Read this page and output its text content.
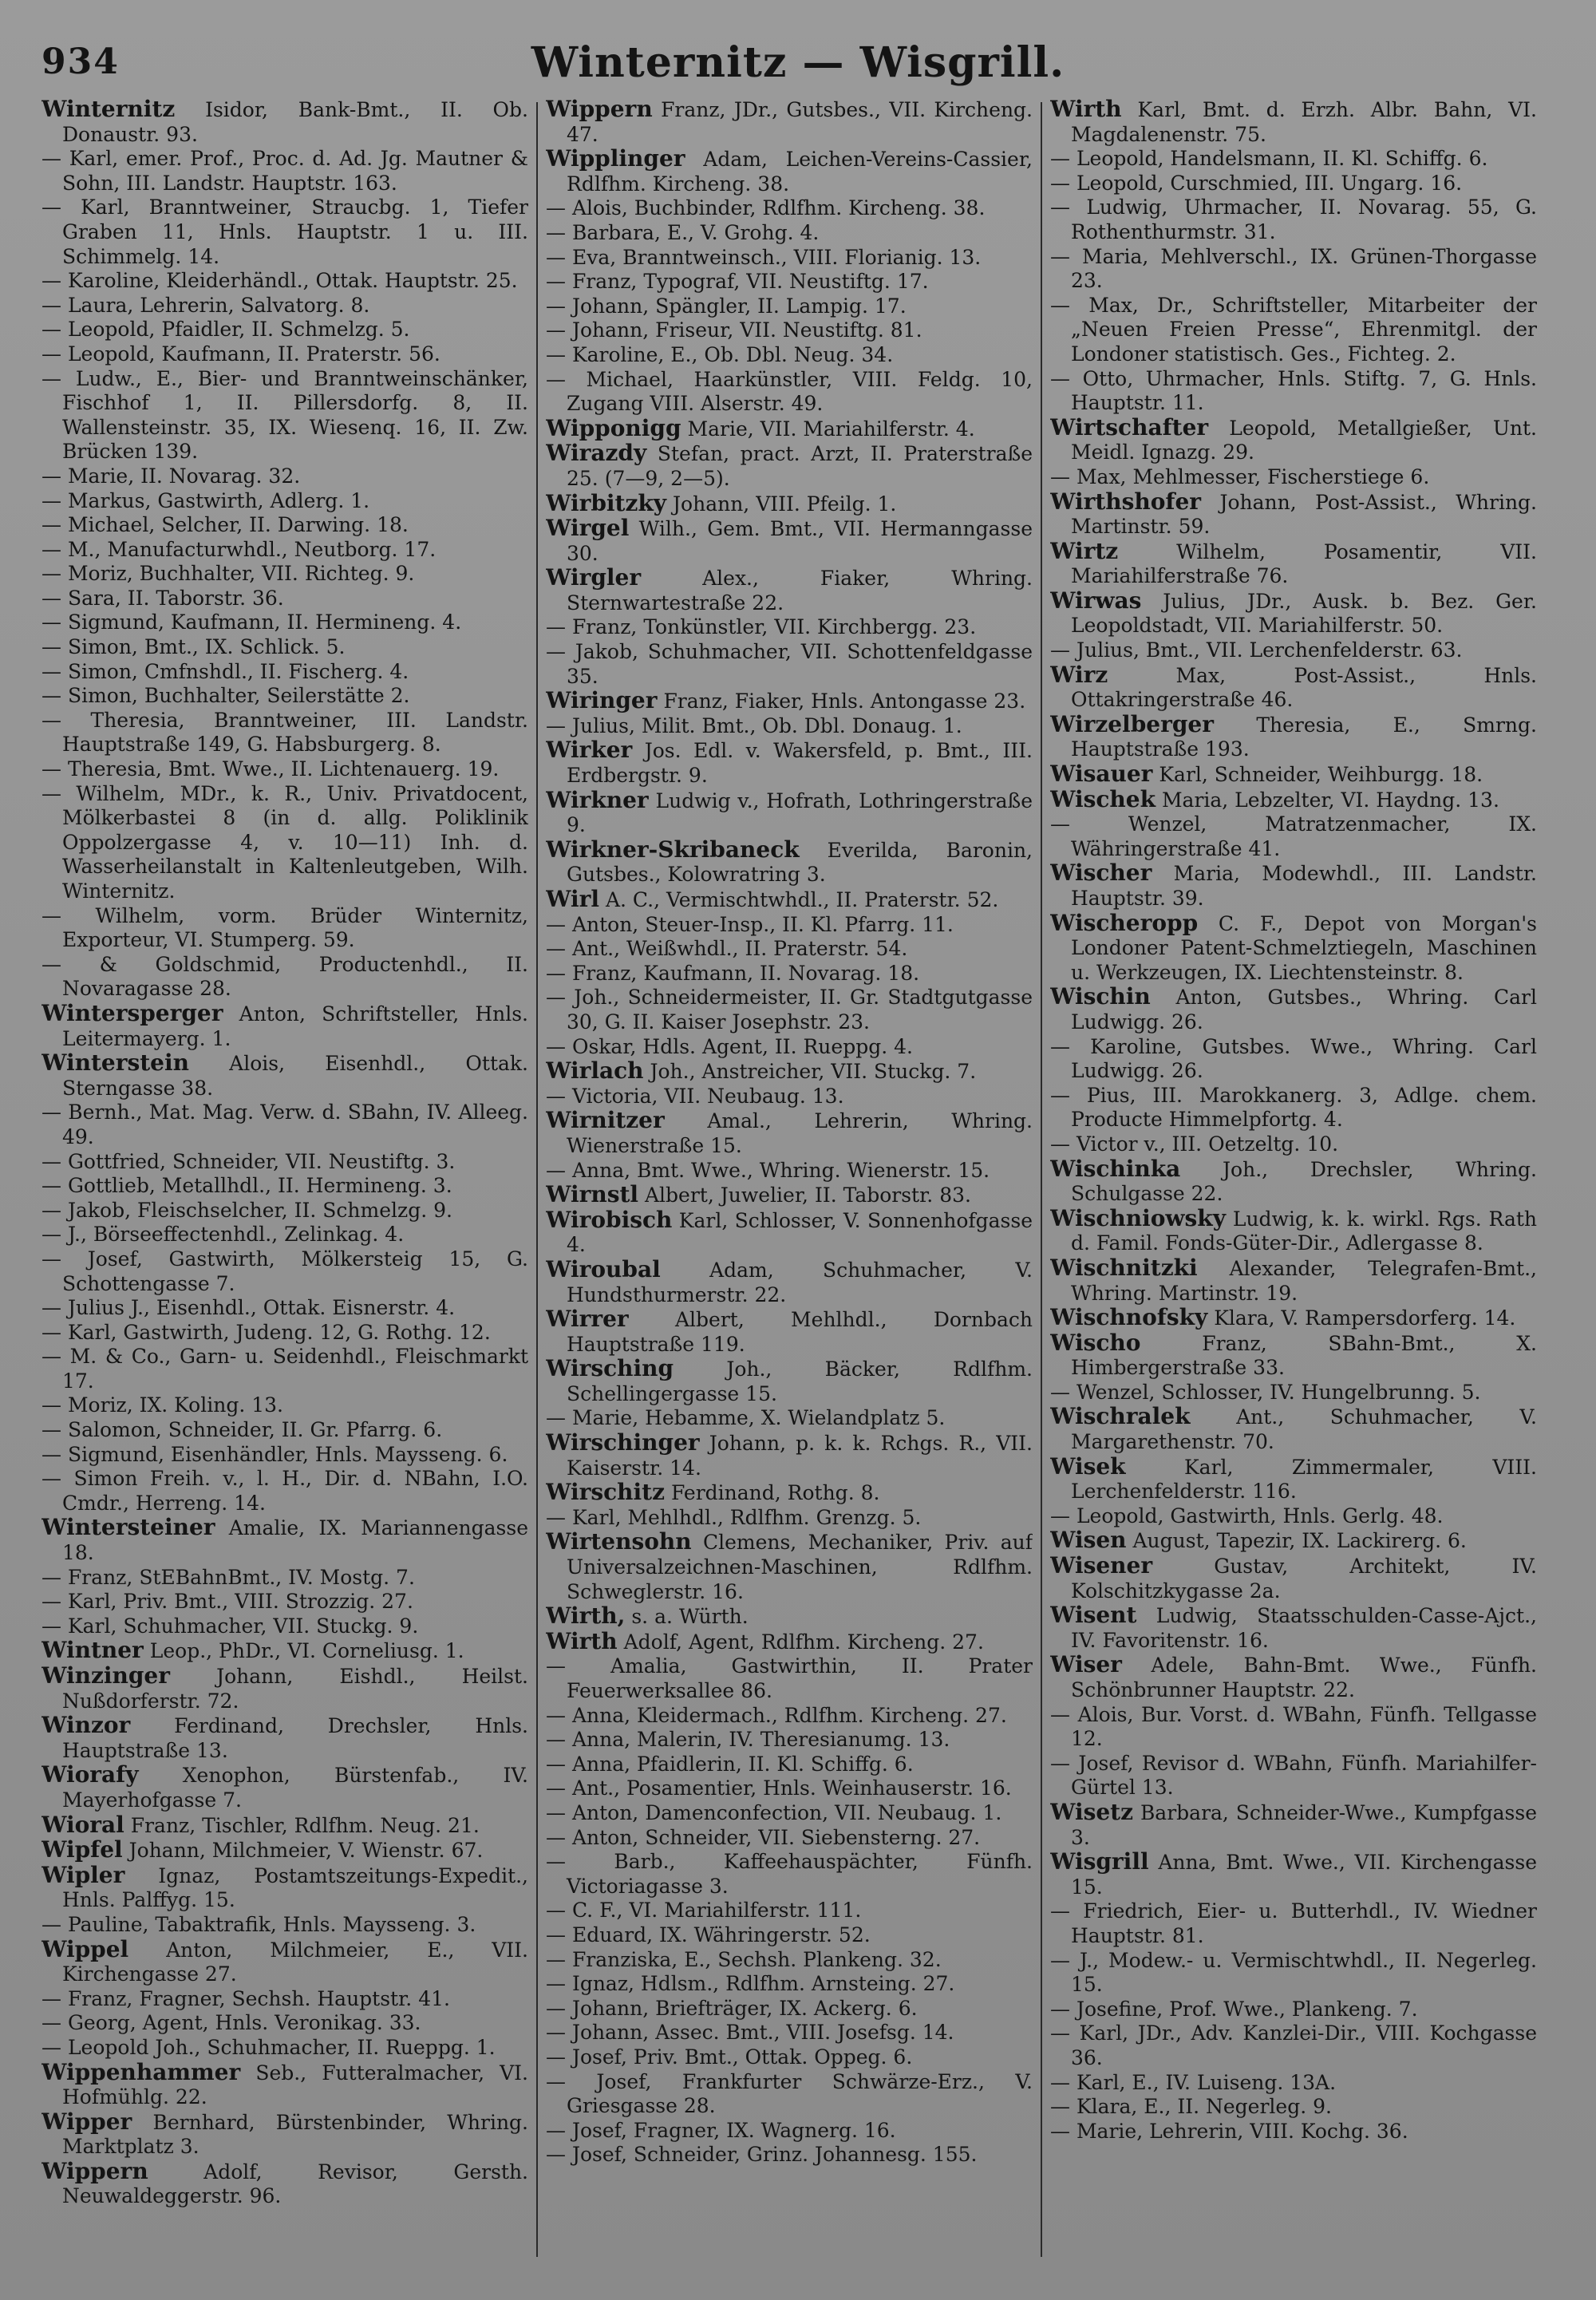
934	Winternitz — Wisgrill.

Winternitz Isidor, Bank-Bmt., II. Ob. Donaustr. 93.

— Karl, emer. Prof., Proc. d. Ad. Jg. Mautner & Sohn, III. Landstr. Hauptstr. 163.

— Karl, Branntweiner, Straucbg. 1, Tiefer Graben 11, Hnls. Hauptstr. 1 u. III. Schimmelg. 14.

— Karoline, Kleiderhändl., Ottak. Hauptstr. 25.

— Laura, Lehrerin, Salvatorg. 8.

— Leopold, Pfaidler, II. Schmelzg. 5.

— Leopold, Kaufmann, II. Praterstr. 56.

— Ludw., E., Bier- und Branntweinschänker, Fischhof 1, II. Pillersdorfg. 8, II. Wallensteinstr. 35, IX. Wiesenq. 16, II. Zw. Brücken 139.

— Marie, II. Novarag. 32.

— Markus, Gastwirth, Adlerg. 1.

— Michael, Selcher, II. Darwing. 18.

— M., Manufacturwhdl., Neutborg. 17.

— Moriz, Buchhalter, VII. Richteg. 9.

— Sara, II. Taborstr. 36.

— Sigmund, Kaufmann, II. Hermineng. 4.

— Simon, Bmt., IX. Schlick. 5.

— Simon, Cmfnshdl., II. Fischerg. 4.

— Simon, Buchhalter, Seilerstätte 2.

— Theresia, Branntweiner, III. Landstr. Hauptstraße 149, G. Habsburgerg. 8.

— Theresia, Bmt. Wwe., II. Lichtenauerg. 19.

— Wilhelm, MDr., k. R., Univ. Privatdocent, Mölkerbastei 8 (in d. allg. Poliklinik Oppolzergasse 4, v. 10—11) Inh. d. Wasserheilanstalt in Kaltenleutgeben, Wilh. Winternitz.

— Wilhelm, vorm. Brüder Winternitz, Exporteur, VI. Stumperg. 59.

— & Goldschmid, Productenhdl., II. Novaragasse 28.

Wintersperger Anton, Schriftsteller, Hnls. Leitermayerg. 1.

Winterstein Alois, Eisenhdl., Ottak. Sterngasse 38.

— Bernh., Mat. Mag. Verw. d. SBahn, IV. Alleeg. 49.

— Gottfried, Schneider, VII. Neustiftg. 3.

— Gottlieb, Metallhdl., II. Hermineng. 3.

— Jakob, Fleischselcher, II. Schmelzg. 9.

— J., Börseeffectenhdl., Zelinkag. 4.

— Josef, Gastwirth, Mölkersteig 15, G. Schottengasse 7.

— Julius J., Eisenhdl., Ottak. Eisnerstr. 4.

— Karl, Gastwirth, Judeng. 12, G. Rothg. 12.

— M. & Co., Garn- u. Seidenhdl., Fleischmarkt 17.

— Moriz, IX. Koling. 13.

— Salomon, Schneider, II. Gr. Pfarrg. 6.

— Sigmund, Eisenhändler, Hnls. Maysseng. 6.

— Simon Freih. v., l. H., Dir. d. NBahn, I.O. Cmdr., Herreng. 14.

Wintersteiner Amalie, IX. Mariannengasse 18.

— Franz, StEBahnBmt., IV. Mostg. 7.

— Karl, Priv. Bmt., VIII. Strozzig. 27.

— Karl, Schuhmacher, VII. Stuckg. 9.

Wintner Leop., PhDr., VI. Corneliusg. 1.

Winzinger Johann, Eishdl., Heilst. Nußdorferstr. 72.

Winzor Ferdinand, Drechsler, Hnls. Hauptstraße 13.

Wiorafy Xenophon, Bürstenfab., IV. Mayerhofgasse 7.

Wioral Franz, Tischler, Rdlfhm. Neug. 21.

Wipfel Johann, Milchmeier, V. Wienstr. 67.

Wipler Ignaz, Postamtszeitungs-Expedit., Hnls. Palffyg. 15.

— Pauline, Tabaktrafik, Hnls. Maysseng. 3.

Wippel Anton, Milchmeier, E., VII. Kirchengasse 27.

— Franz, Fragner, Sechsh. Hauptstr. 41.

— Georg, Agent, Hnls. Veronikag. 33.

— Leopold Joh., Schuhmacher, II. Rueppg. 1.

Wippenhammer Seb., Futteralmacher, VI. Hofmühlg. 22.

Wipper Bernhard, Bürstenbinder, Whring. Marktplatz 3.

Wippern	Adolf, Revisor, Gersth. Neuwaldeggerstr. 96.

Wippern Franz, JDr., Gutsbes., VII. Kircheng. 47.

Wipplinger Adam, Leichen-Vereins-Cassier, Rdlfhm. Kircheng. 38.

— Alois, Buchbinder, Rdlfhm. Kircheng. 38.

— Barbara, E., V. Grohg. 4.

— Eva, Branntweinsch., VIII. Florianig. 13.

— Franz, Typograf, VII. Neustiftg. 17.

— Johann, Spängler, II. Lampig. 17.

— Johann, Friseur, VII. Neustiftg. 81.

— Karoline, E., Ob. Dbl. Neug. 34.

— Michael, Haarkünstler, VIII. Feldg. 10, Zugang VIII. Alserstr. 49.

Wipponigg Marie, VII. Mariahilferstr. 4.

Wirazdy Stefan, pract. Arzt, II. Praterstraße 25. (7—9, 2—5).

Wirbitzky Johann, VIII. Pfeilg. 1.

Wirgel Wilh., Gem. Bmt., VII. Hermanngasse 30.

Wirgler	Alex., Fiaker, Whring. Sternwartestraße 22.

— Franz, Tonkünstler, VII. Kirchbergg. 23.

— Jakob, Schuhmacher, VII. Schottenfeldgasse 35.

Wiringer Franz, Fiaker, Hnls. Antongasse 23.

— Julius, Milit. Bmt., Ob. Dbl. Donaug. 1.

Wirker Jos. Edl. v. Wakersfeld, p. Bmt., III. Erdbergstr. 9.

Wirkner Ludwig v., Hofrath, Lothringerstraße 9.

Wirkner-Skribaneck Everilda, Baronin, Gutsbes., Kolowratring 3.

Wirl A. C., Vermischtwhdl., II. Praterstr. 52.

— Anton, Steuer-Insp., II. Kl. Pfarrg. 11.

— Ant., Weißwhdl., II. Praterstr. 54.

— Franz, Kaufmann, II. Novarag. 18.

— Joh., Schneidermeister, II. Gr. Stadtgutgasse 30, G. II. Kaiser Josephstr. 23.

— Oskar, Hdls. Agent, II. Rueppg. 4.

Wirlach Joh., Anstreicher, VII. Stuckg. 7.

— Victoria, VII. Neubaug. 13.

Wirnitzer Amal., Lehrerin, Whring. Wienerstraße 15.

— Anna, Bmt. Wwe., Whring. Wienerstr. 15.

Wirnstl Albert, Juwelier, II. Taborstr. 83.

Wirobisch Karl, Schlosser, V. Sonnenhofgasse 4.

Wiroubal Adam, Schuhmacher, V. Hundsthurmerstr. 22.

Wirrer Albert, Mehlhdl., Dornbach Hauptstraße 119.

Wirsching	Joh., Bäcker, Rdlfhm. Schellingergasse 15.

— Marie, Hebamme, X. Wielandplatz 5.

Wirschinger Johann, p. k. k. Rchgs. R., VII. Kaiserstr. 14.

Wirschitz Ferdinand, Rothg. 8.

— Karl, Mehlhdl., Rdlfhm. Grenzg. 5.

Wirtensohn Clemens, Mechaniker, Priv. auf Universalzeichnen-Maschinen, Rdlfhm. Schweglerstr. 16.

Wirth, s. a. Würth.

Wirth Adolf, Agent, Rdlfhm. Kircheng. 27.

— Amalia, Gastwirthin, II. Prater Feuerwerksallee 86.

— Anna, Kleidermach., Rdlfhm. Kircheng. 27.

— Anna, Malerin, IV. Theresianumg. 13.

— Anna, Pfaidlerin, II. Kl. Schiffg. 6.

— Ant., Posamentier, Hnls. Weinhauserstr. 16.

— Anton, Damenconfection, VII. Neubaug. 1.

— Anton, Schneider, VII. Siebensterng. 27.

— Barb., Kaffeehauspächter, Fünfh. Victoriagasse 3.

— C. F., VI. Mariahilferstr. 111.

— Eduard, IX. Währingerstr. 52.

— Franziska, E., Sechsh. Plankeng. 32.

— Ignaz, Hdlsm., Rdlfhm. Arnsteing. 27.

— Johann, Briefträger, IX. Ackerg. 6.

— Johann, Assec. Bmt., VIII. Josefsg. 14.

— Josef, Priv. Bmt., Ottak. Oppeg. 6.

— Josef, Frankfurter Schwärze-Erz., V. Griesgasse 28.

— Josef, Fragner, IX. Wagnerg. 16.

— Josef, Schneider, Grinz. Johannesg. 155.

Wirth Karl, Bmt. d. Erzh. Albr. Bahn, VI. Magdalenenstr. 75.

— Leopold, Handelsmann, II. Kl. Schiffg. 6.

— Leopold, Curschmied, III. Ungarg. 16.

— Ludwig, Uhrmacher, II. Novarag. 55, G. Rothenthurmstr. 31.

— Maria, Mehlverschl., IX. Grünen-Thorgasse 23.

— Max, Dr., Schriftsteller, Mitarbeiter der „Neuen Freien Presse“, Ehrenmitgl. der Londoner statistisch. Ges., Fichteg. 2.

— Otto, Uhrmacher, Hnls. Stiftg. 7, G. Hnls. Hauptstr. 11.

Wirtschafter Leopold, Metallgießer, Unt. Meidl. Ignazg. 29.

— Max, Mehlmesser, Fischerstiege 6.

Wirthshofer Johann, Post-Assist., Whring. Martinstr. 59.

Wirtz	Wilhelm, Posamentir, VII. Mariahilferstraße 76.

Wirwas Julius, JDr., Ausk. b. Bez. Ger. Leopoldstadt, VII. Mariahilferstr. 50.

— Julius, Bmt., VII. Lerchenfelderstr. 63.

Wirz	Max, Post-Assist., Hnls. Ottakringerstraße 46.

Wirzelberger Theresia, E., Smrng. Hauptstraße 193.

Wisauer Karl, Schneider, Weihburgg. 18.

Wischek Maria, Lebzelter, VI. Haydng. 13.

— Wenzel, Matratzenmacher, IX. Währingerstraße 41.

Wischer Maria, Modewhdl., III. Landstr. Hauptstr. 39.

Wischeropp C. F., Depot von Morgan's Londoner Patent-Schmelztiegeln, Maschinen u. Werkzeugen, IX. Liechtensteinstr. 8.

Wischin Anton, Gutsbes., Whring. Carl Ludwigg. 26.

— Karoline, Gutsbes. Wwe., Whring. Carl Ludwigg. 26.

— Pius, III. Marokkanerg. 3, Adlge. chem. Producte Himmelpfortg. 4.

— Victor v., III. Oetzeltg. 10.

Wischinka Joh., Drechsler, Whring. Schulgasse 22.

Wischniowsky Ludwig, k. k. wirkl. Rgs. Rath d. Famil. Fonds-Güter-Dir., Adlergasse 8.

Wischnitzki Alexander, Telegrafen-Bmt., Whring. Martinstr. 19.

Wischnofsky Klara, V. Rampersdorferg. 14.

Wischo	Franz, SBahn-Bmt., X. Himbergerstraße 33.

— Wenzel, Schlosser, IV. Hungelbrunng. 5.

Wischralek Ant., Schuhmacher, V. Margarethenstr. 70.

Wisek	Karl, Zimmermaler, VIII. Lerchenfelderstr. 116.

— Leopold, Gastwirth, Hnls. Gerlg. 48.

Wisen August, Tapezir, IX. Lackirerg. 6.

Wisener	Gustav, Architekt, IV. Kolschitzkygasse 2a.

Wisent Ludwig, Staatsschulden-Casse-Ajct., IV. Favoritenstr. 16.

Wiser Adele, Bahn-Bmt. Wwe., Fünfh. Schönbrunner Hauptstr. 22.

— Alois, Bur. Vorst. d. WBahn, Fünfh. Tellgasse 12.

— Josef, Revisor d. WBahn, Fünfh. Mariahilfer-Gürtel 13.

Wisetz Barbara, Schneider-Wwe., Kumpfgasse 3.

Wisgrill Anna, Bmt. Wwe., VII. Kirchengasse 15.

— Friedrich, Eier- u. Butterhdl., IV. Wiedner Hauptstr. 81.

— J., Modew.- u. Vermischtwhdl., II. Negerleg. 15.

— Josefine, Prof. Wwe., Plankeng. 7.

— Karl, JDr., Adv. Kanzlei-Dir., VIII. Kochgasse 36.

— Karl, E., IV. Luiseng. 13A.

— Klara, E., II. Negerleg. 9.

— Marie, Lehrerin, VIII. Kochg. 36.
